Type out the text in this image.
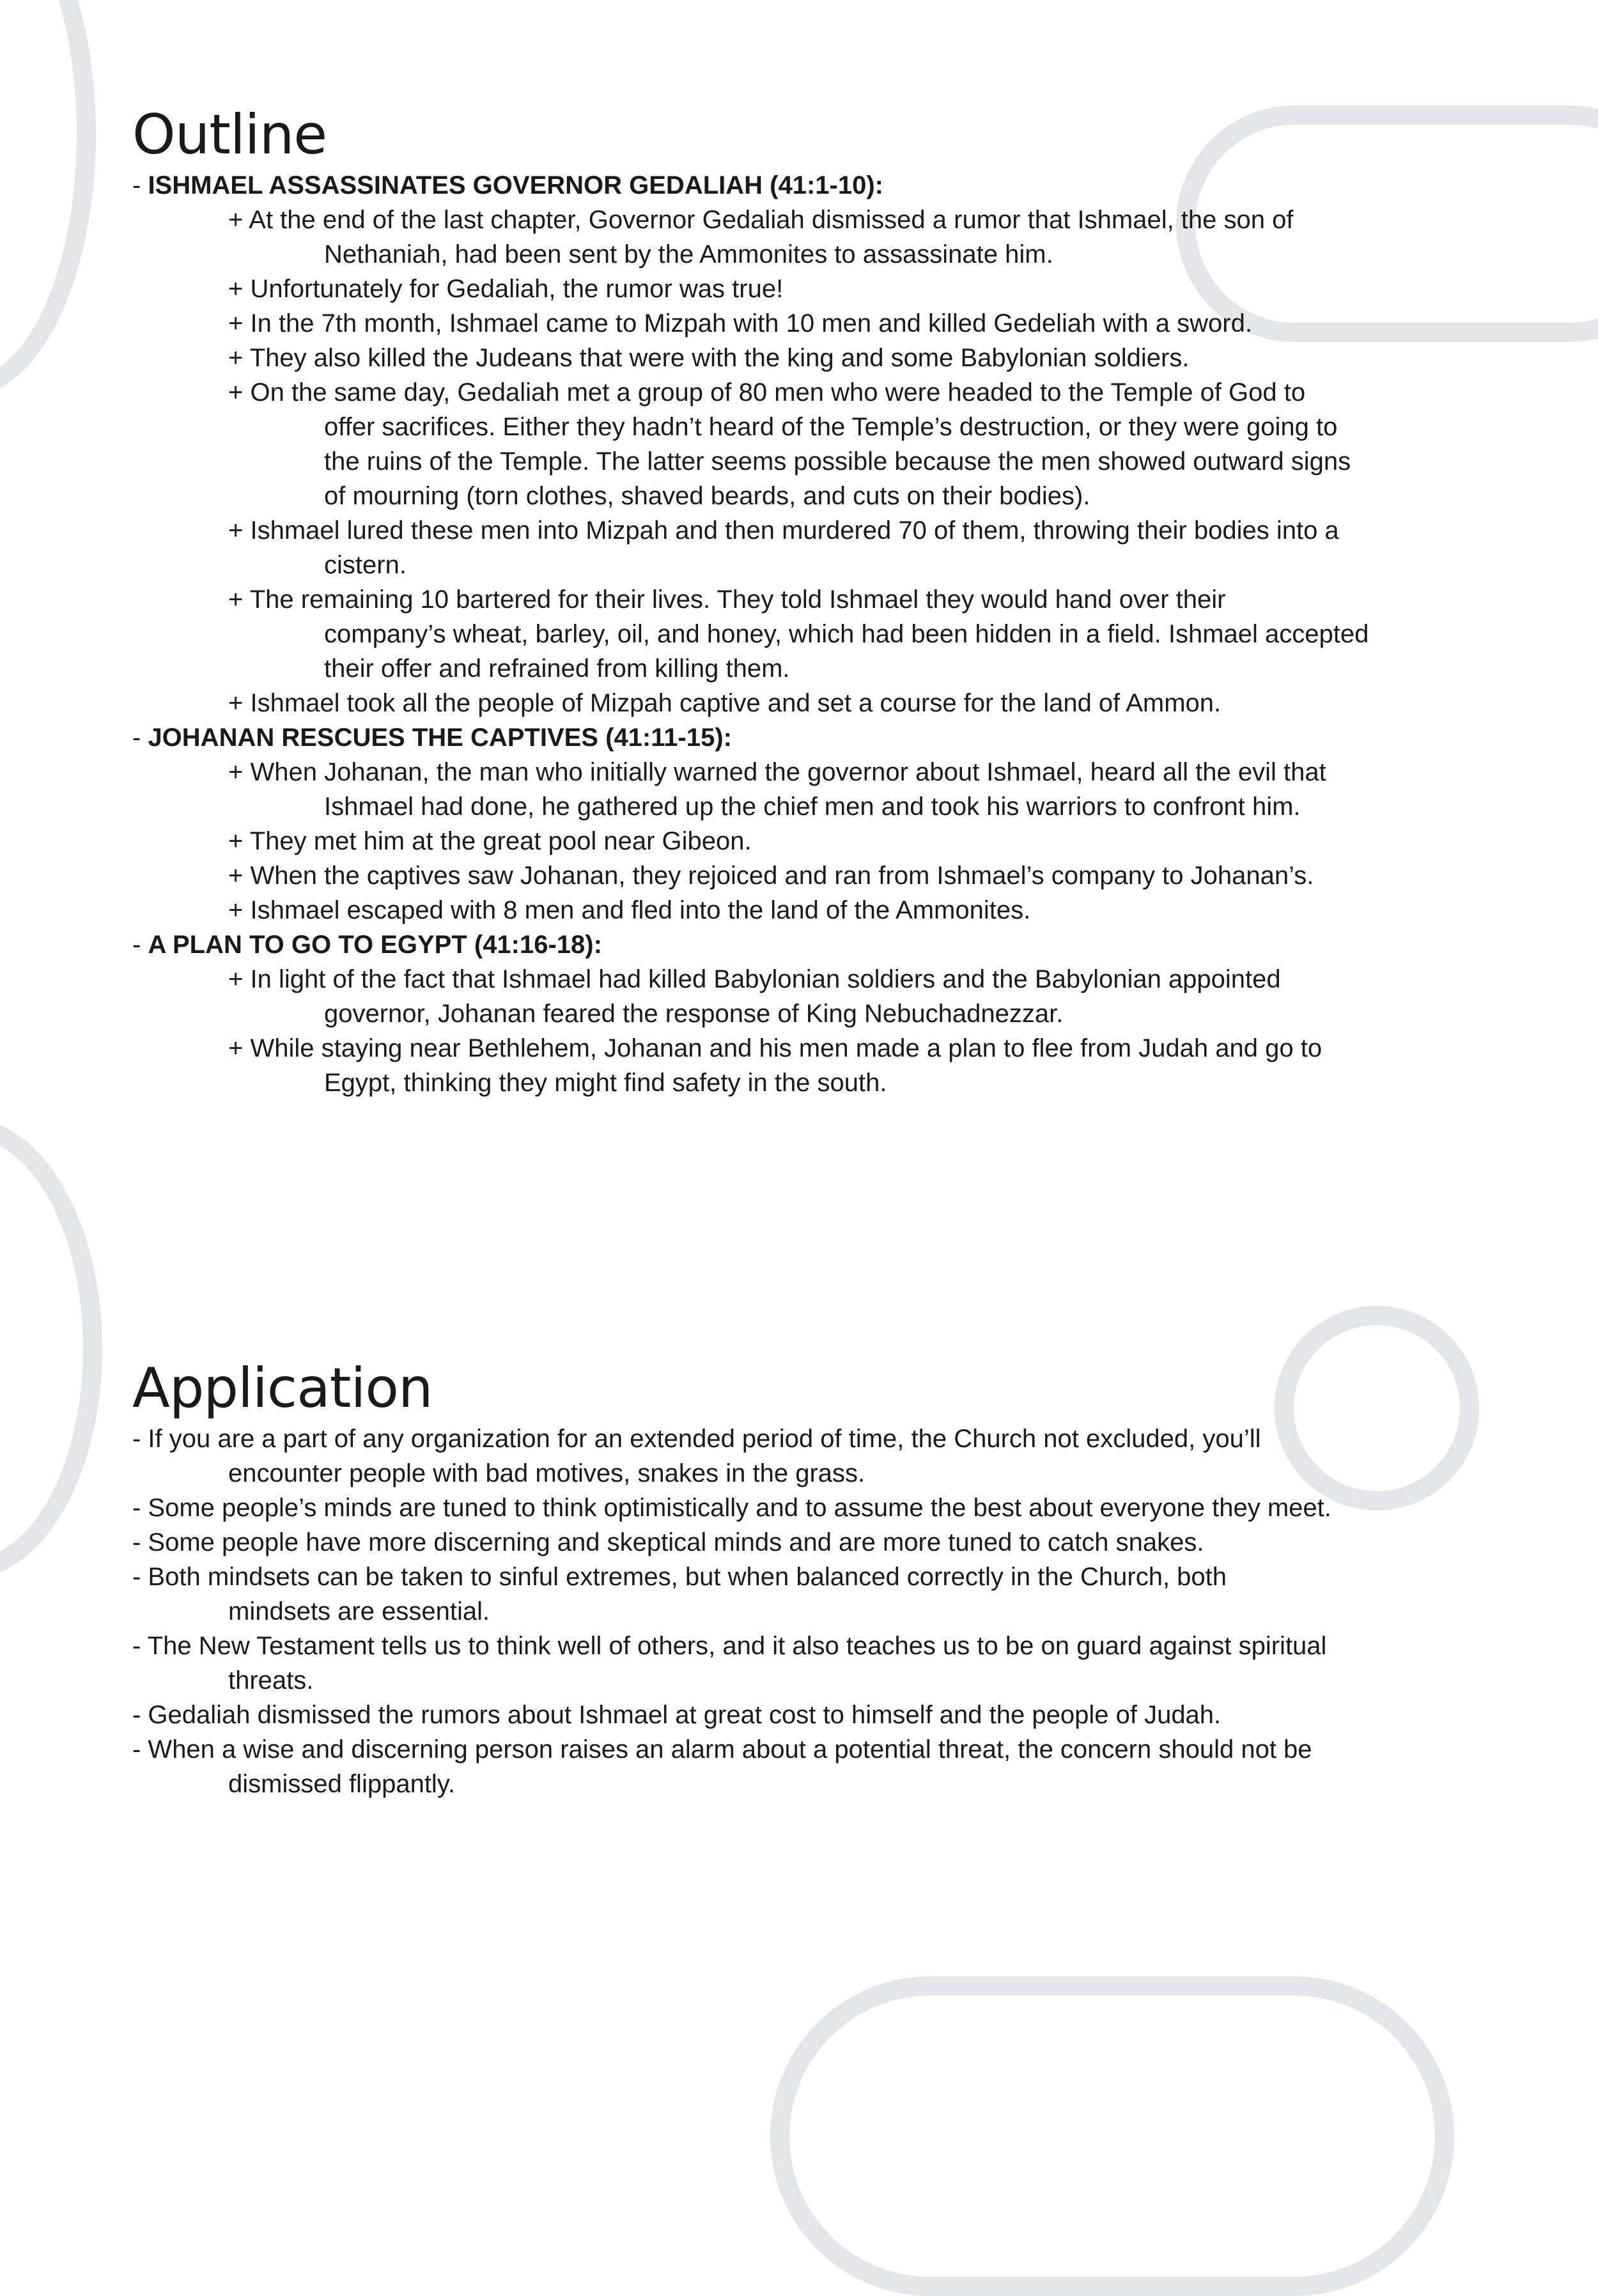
Outline
- ISHMAEL ASSASSINATES GOVERNOR GEDALIAH (41:1-10):
+ At the end of the last chapter, Governor Gedaliah dismissed a rumor that Ishmael, the son of
Nethaniah, had been sent by the Ammonites to assassinate him.
+ Unfortunately for Gedaliah, the rumor was true!
+ In the 7th month, Ishmael came to Mizpah with 10 men and killed Gedeliah with a sword.
+ They also killed the Judeans that were with the king and some Babylonian soldiers.
+ On the same day, Gedaliah met a group of 80 men who were headed to the Temple of God to
offer sacrifices. Either they hadn’t heard of the Temple’s destruction, or they were going to
the ruins of the Temple. The latter seems possible because the men showed outward signs
of mourning (torn clothes, shaved beards, and cuts on their bodies).
+ Ishmael lured these men into Mizpah and then murdered 70 of them, throwing their bodies into a
cistern.
+ The remaining 10 bartered for their lives. They told Ishmael they would hand over their
company’s wheat, barley, oil, and honey, which had been hidden in a field. Ishmael accepted
their offer and refrained from killing them.
+ Ishmael took all the people of Mizpah captive and set a course for the land of Ammon.
- JOHANAN RESCUES THE CAPTIVES (41:11-15):
+ When Johanan, the man who initially warned the governor about Ishmael, heard all the evil that
Ishmael had done, he gathered up the chief men and took his warriors to confront him.
+ They met him at the great pool near Gibeon.
+ When the captives saw Johanan, they rejoiced and ran from Ishmael’s company to Johanan’s.
+ Ishmael escaped with 8 men and fled into the land of the Ammonites.
- A PLAN TO GO TO EGYPT (41:16-18):
+ In light of the fact that Ishmael had killed Babylonian soldiers and the Babylonian appointed
governor, Johanan feared the response of King Nebuchadnezzar.
+ While staying near Bethlehem, Johanan and his men made a plan to flee from Judah and go to
Egypt, thinking they might find safety in the south.
Application
- If you are a part of any organization for an extended period of time, the Church not excluded, you’ll
encounter people with bad motives, snakes in the grass.
- Some people’s minds are tuned to think optimistically and to assume the best about everyone they meet.
- Some people have more discerning and skeptical minds and are more tuned to catch snakes.
- Both mindsets can be taken to sinful extremes, but when balanced correctly in the Church, both
mindsets are essential.
- The New Testament tells us to think well of others, and it also teaches us to be on guard against spiritual
threats.
- Gedaliah dismissed the rumors about Ishmael at great cost to himself and the people of Judah.
- When a wise and discerning person raises an alarm about a potential threat, the concern should not be
dismissed flippantly.
